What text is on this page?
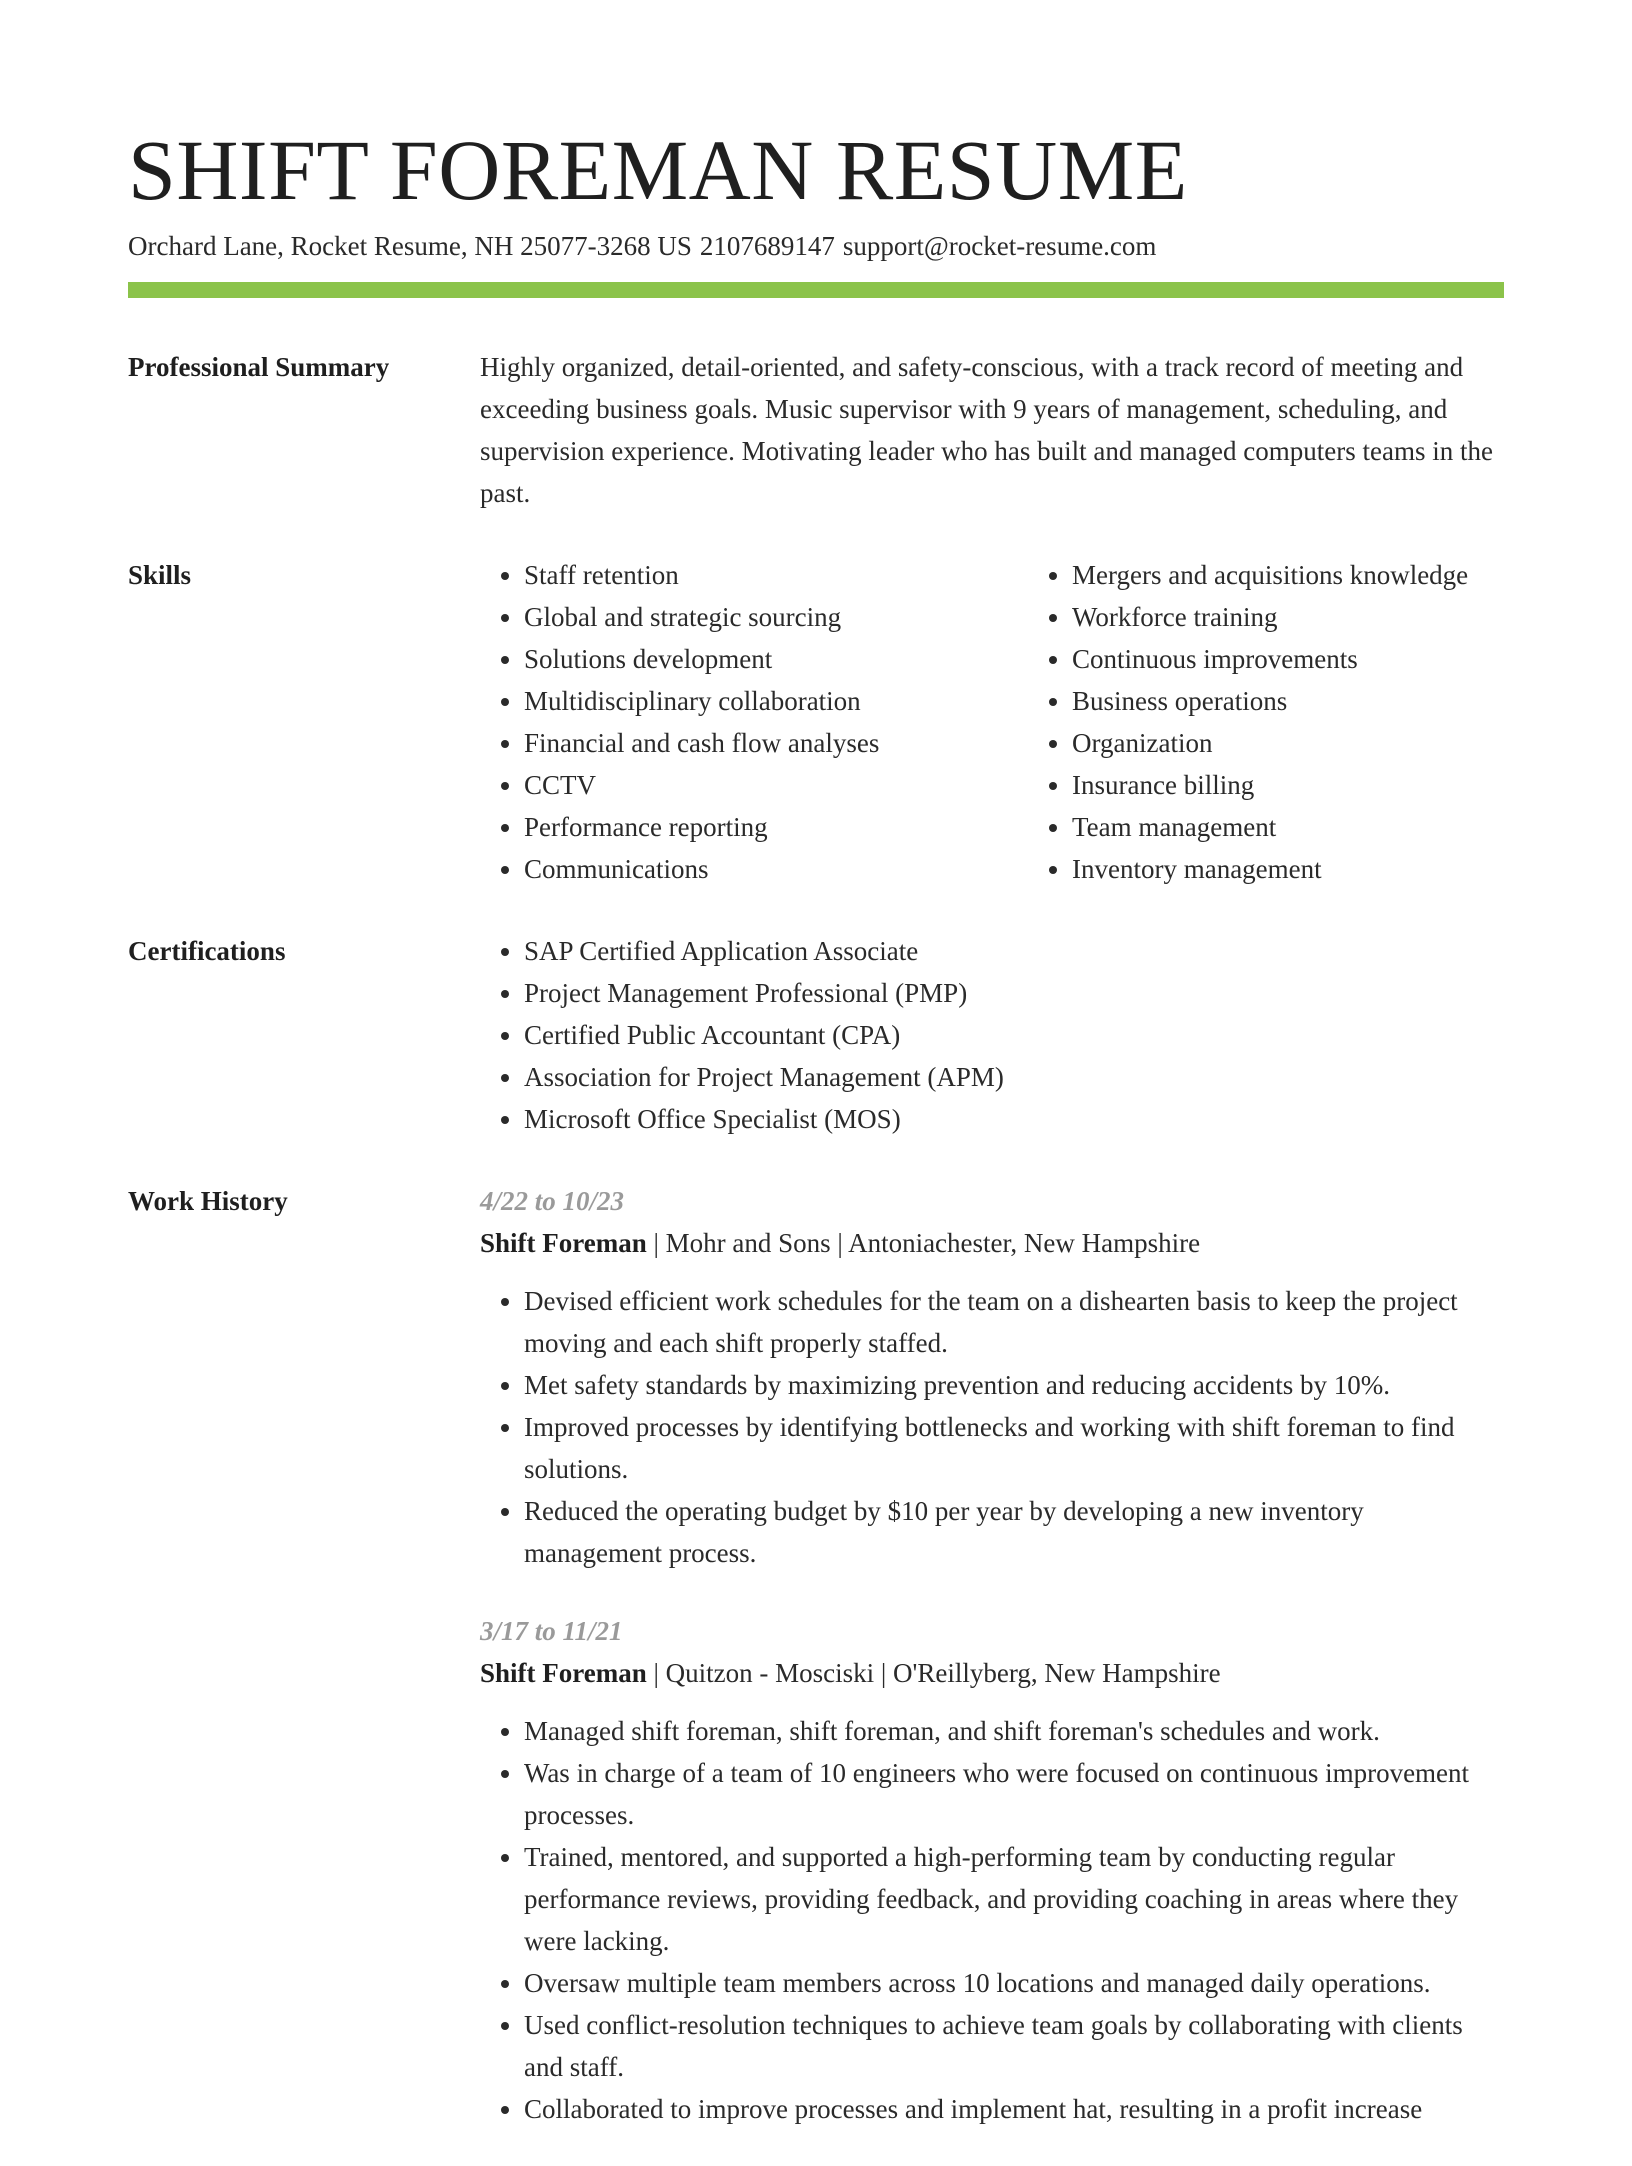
SHIFT FOREMAN RESUME
Orchard Lane, Rocket Resume, NH 25077-3268 US 2107689147 support@rocket-resume.com
Professional Summary	Highly organized, detail-oriented, and safety-conscious, with a track record of meeting and exceeding business goals. Music supervisor with 9 years of management, scheduling, and supervision experience. Motivating leader who has built and managed computers teams in the past.

Skills	• Staff retention
• Global and strategic sourcing
• Solutions development
• Multidisciplinary collaboration
• Financial and cash flow analyses
• CCTV
• Performance reporting
• Communications
• Mergers and acquisitions knowledge
• Workforce training
• Continuous improvements
• Business operations
• Organization
• Insurance billing
• Team management
• Inventory management
Certifications	• SAP Certified Application Associate
• Project Management Professional (PMP)
• Certified Public Accountant (CPA)
• Association for Project Management (APM)
• Microsoft Office Specialist (MOS)
Work History	4/22 to 10/23
Shift Foreman | Mohr and Sons | Antoniachester, New Hampshire
• Devised efficient work schedules for the team on a dishearten basis to keep the project moving and each shift properly staffed.
• Met safety standards by maximizing prevention and reducing accidents by 10%.
• Improved processes by identifying bottlenecks and working with shift foreman to find solutions.
• Reduced the operating budget by $10 per year by developing a new inventory management process.
3/17 to 11/21
Shift Foreman | Quitzon - Mosciski | O'Reillyberg, New Hampshire
• Managed shift foreman, shift foreman, and shift foreman's schedules and work.
• Was in charge of a team of 10 engineers who were focused on continuous improvement processes.
• Trained, mentored, and supported a high-performing team by conducting regular performance reviews, providing feedback, and providing coaching in areas where they were lacking.
• Oversaw multiple team members across 10 locations and managed daily operations.
• Used conflict-resolution techniques to achieve team goals by collaborating with clients and staff.
• Collaborated to improve processes and implement hat, resulting in a profit increase
